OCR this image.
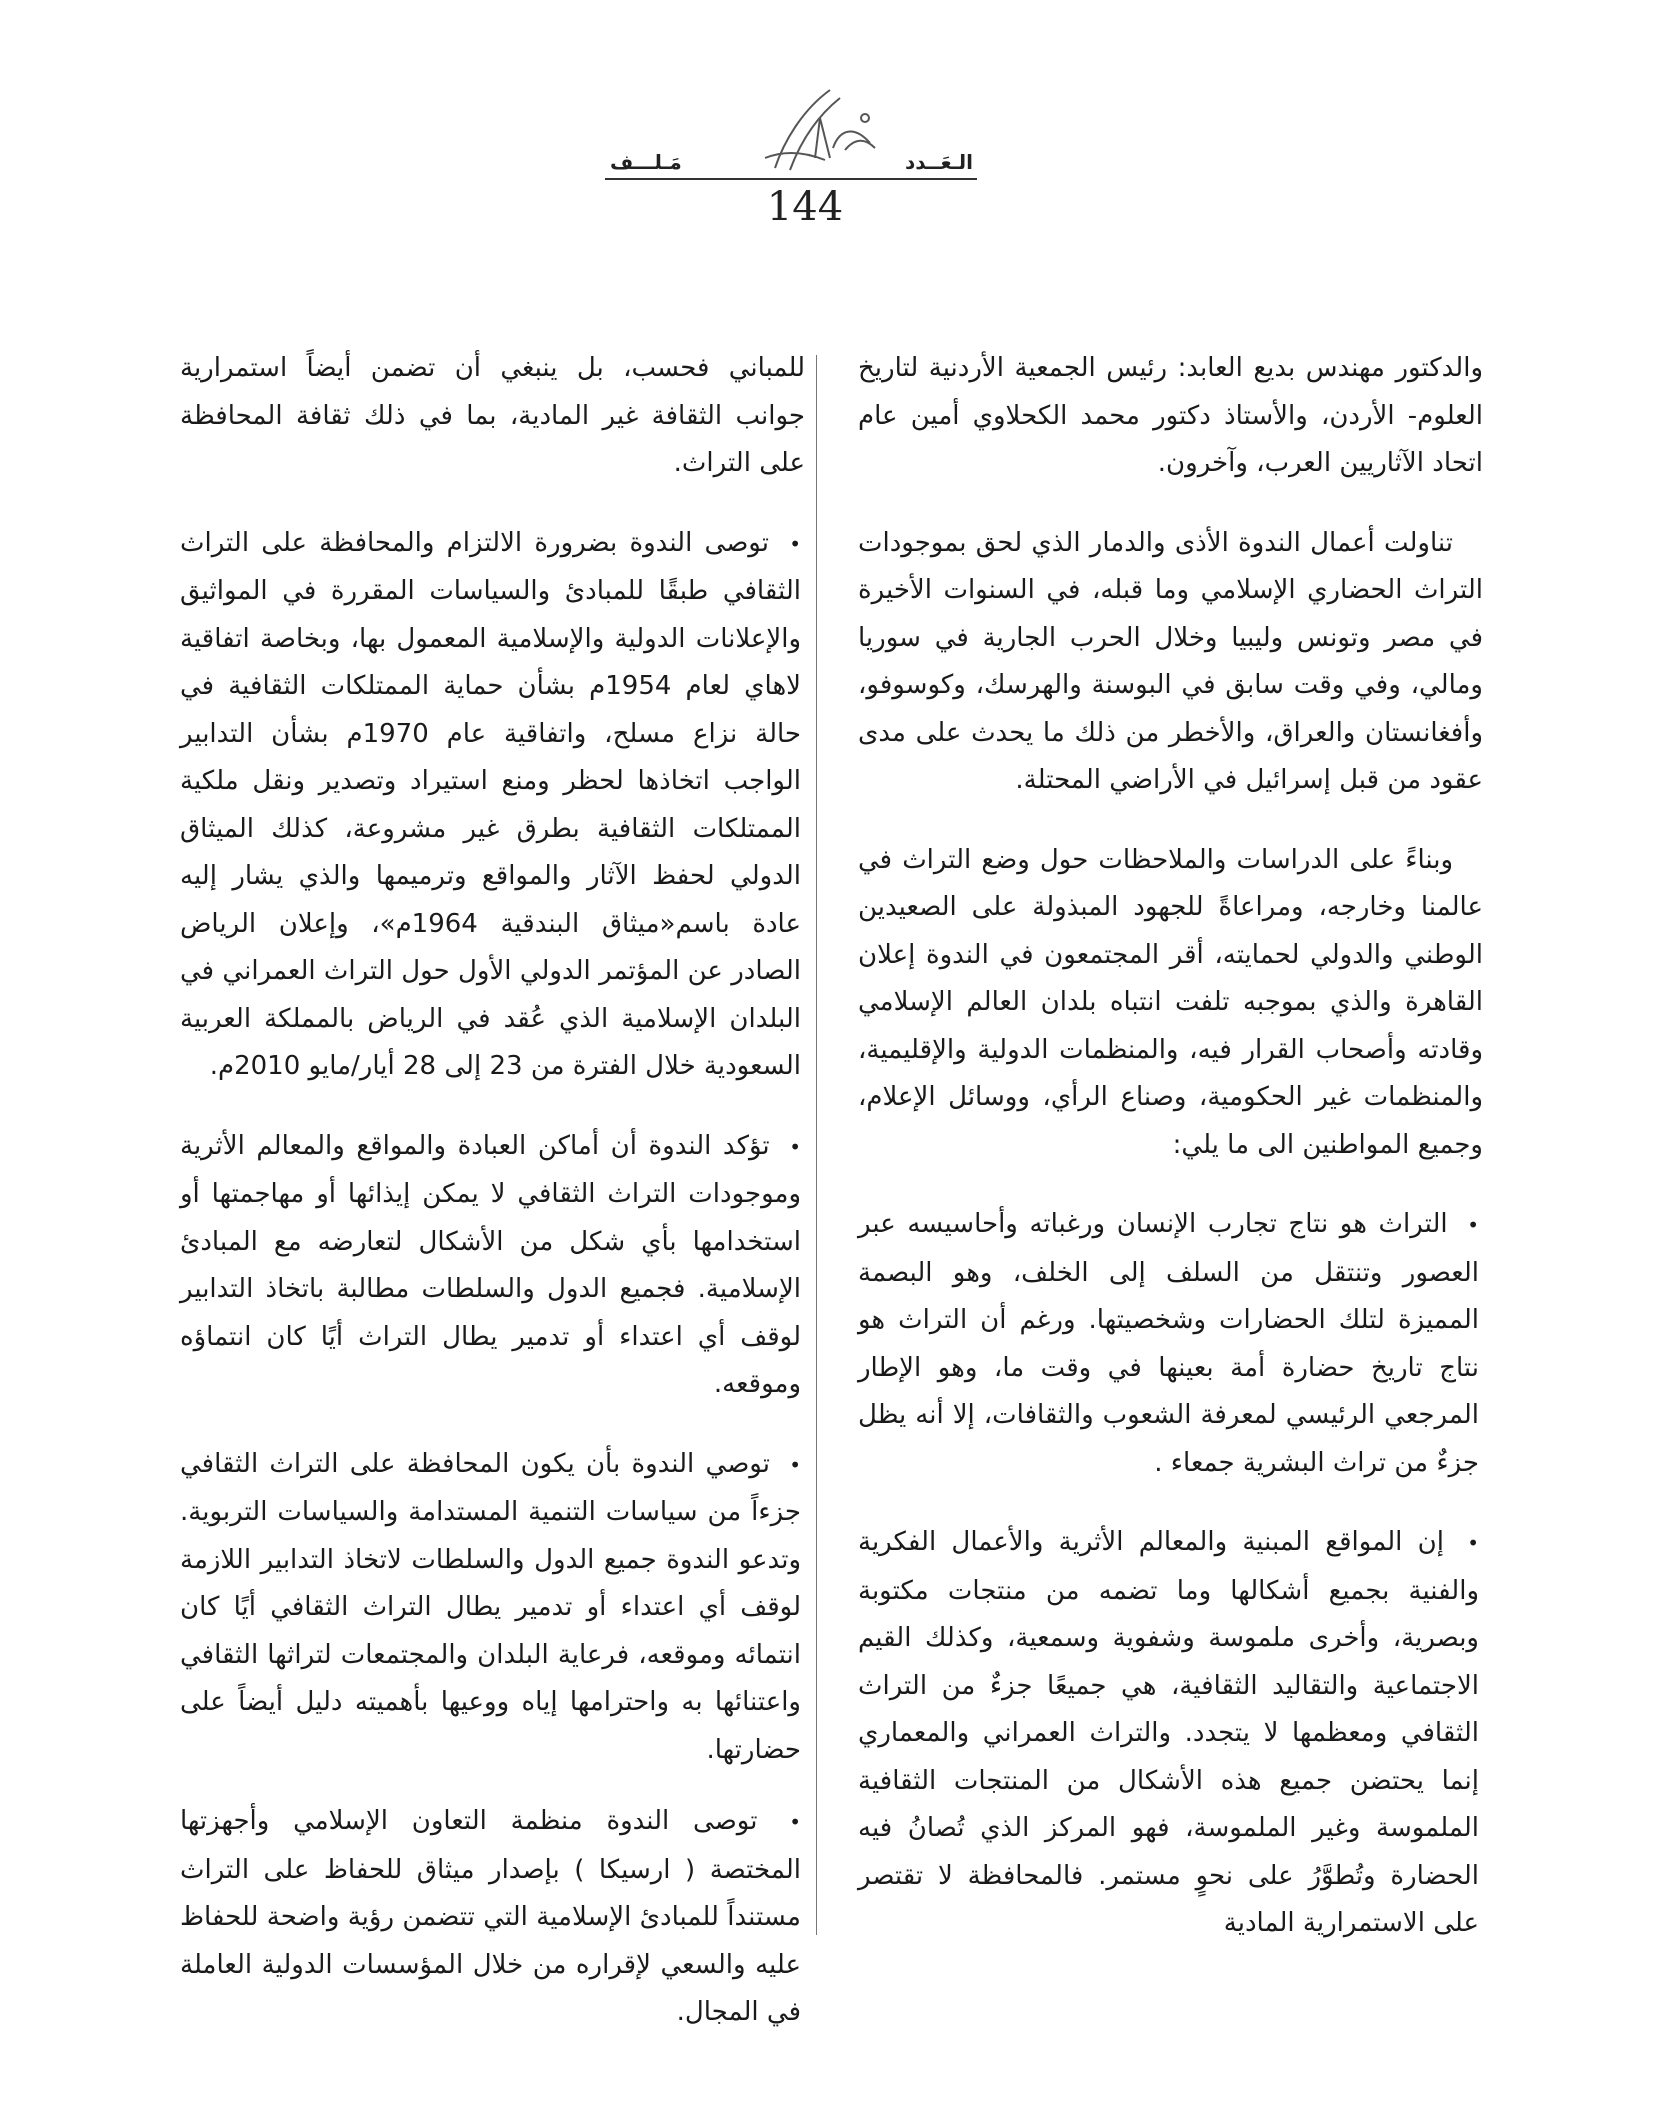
مَـلـــف	الـعَــدد
144

والدكتور مهندس بديع العابد: رئيس الجمعية الأردنية لتاريخ العلوم- الأردن، والأستاذ دكتور محمد الكحلاوي أمين عام اتحاد الآثاريين العرب، وآخرون.

تناولت أعمال الندوة الأذى والدمار الذي لحق بموجودات التراث الحضاري الإسلامي وما قبله، في السنوات الأخيرة في مصر وتونس وليبيا وخلال الحرب الجارية في سوريا ومالي، وفي وقت سابق في البوسنة والهرسك، وكوسوفو، وأفغانستان والعراق، والأخطر من ذلك ما يحدث على مدى عقود من قبل إسرائيل في الأراضي المحتلة.

وبناءً على الدراسات والملاحظات حول وضع التراث في عالمنا وخارجه، ومراعاةً للجهود المبذولة على الصعيدين الوطني والدولي لحمايته، أقر المجتمعون في الندوة إعلان القاهرة والذي بموجبه تلفت انتباه بلدان العالم الإسلامي وقادته وأصحاب القرار فيه، والمنظمات الدولية والإقليمية، والمنظمات غير الحكومية، وصناع الرأي، ووسائل الإعلام، وجميع المواطنين الى ما يلي:

• التراث هو نتاج تجارب الإنسان ورغباته وأحاسيسه عبر العصور وتنتقل من السلف إلى الخلف، وهو البصمة المميزة لتلك الحضارات وشخصيتها. ورغم أن التراث هو نتاج تاريخ حضارة أمة بعينها في وقت ما، وهو الإطار المرجعي الرئيسي لمعرفة الشعوب والثقافات، إلا أنه يظل جزءٌ من تراث البشرية جمعاء .

• إن المواقع المبنية والمعالم الأثرية والأعمال الفكرية والفنية بجميع أشكالها وما تضمه من منتجات مكتوبة وبصرية، وأخرى ملموسة وشفوية وسمعية، وكذلك القيم الاجتماعية والتقاليد الثقافية، هي جميعًا جزءٌ من التراث الثقافي ومعظمها لا يتجدد. والتراث العمراني والمعماري إنما يحتضن جميع هذه الأشكال من المنتجات الثقافية الملموسة وغير الملموسة، فهو المركز الذي تُصانُ فيه الحضارة وتُطوَّرُ على نحوٍ مستمر. فالمحافظة لا تقتصر على الاستمرارية المادية

للمباني فحسب، بل ينبغي أن تضمن أيضاً استمرارية جوانب الثقافة غير المادية، بما في ذلك ثقافة المحافظة على التراث.

• توصى الندوة بضرورة الالتزام والمحافظة على التراث الثقافي طبقًا للمبادئ والسياسات المقررة في المواثيق والإعلانات الدولية والإسلامية المعمول بها، وبخاصة اتفاقية لاهاي لعام 1954م بشأن حماية الممتلكات الثقافية في حالة نزاع مسلح، واتفاقية عام 1970م بشأن التدابير الواجب اتخاذها لحظر ومنع استيراد وتصدير ونقل ملكية الممتلكات الثقافية بطرق غير مشروعة، كذلك الميثاق الدولي لحفظ الآثار والمواقع وترميمها والذي يشار إليه عادة باسم«ميثاق البندقية 1964م»، وإعلان الرياض الصادر عن المؤتمر الدولي الأول حول التراث العمراني في البلدان الإسلامية الذي عُقد في الرياض بالمملكة العربية السعودية خلال الفترة من 23 إلى 28 أيار/مايو 2010م.

• تؤكد الندوة أن أماكن العبادة والمواقع والمعالم الأثرية وموجودات التراث الثقافي لا يمكن إيذائها أو مهاجمتها أو استخدامها بأي شكل من الأشكال لتعارضه مع المبادئ الإسلامية. فجميع الدول والسلطات مطالبة باتخاذ التدابير لوقف أي اعتداء أو تدمير يطال التراث أيًا كان انتماؤه وموقعه.

• توصي الندوة بأن يكون المحافظة على التراث الثقافي جزءاً من سياسات التنمية المستدامة والسياسات التربوية. وتدعو الندوة جميع الدول والسلطات لاتخاذ التدابير اللازمة لوقف أي اعتداء أو تدمير يطال التراث الثقافي أيًا كان انتمائه وموقعه، فرعاية البلدان والمجتمعات لتراثها الثقافي واعتنائها به واحترامها إياه ووعيها بأهميته دليل أيضاً على حضارتها.

• توصى الندوة منظمة التعاون الإسلامي وأجهزتها المختصة ( ارسيكا ) بإصدار ميثاق للحفاظ على التراث مستنداً للمبادئ الإسلامية التي تتضمن رؤية واضحة للحفاظ عليه والسعي لإقراره من خلال المؤسسات الدولية العاملة في المجال.
